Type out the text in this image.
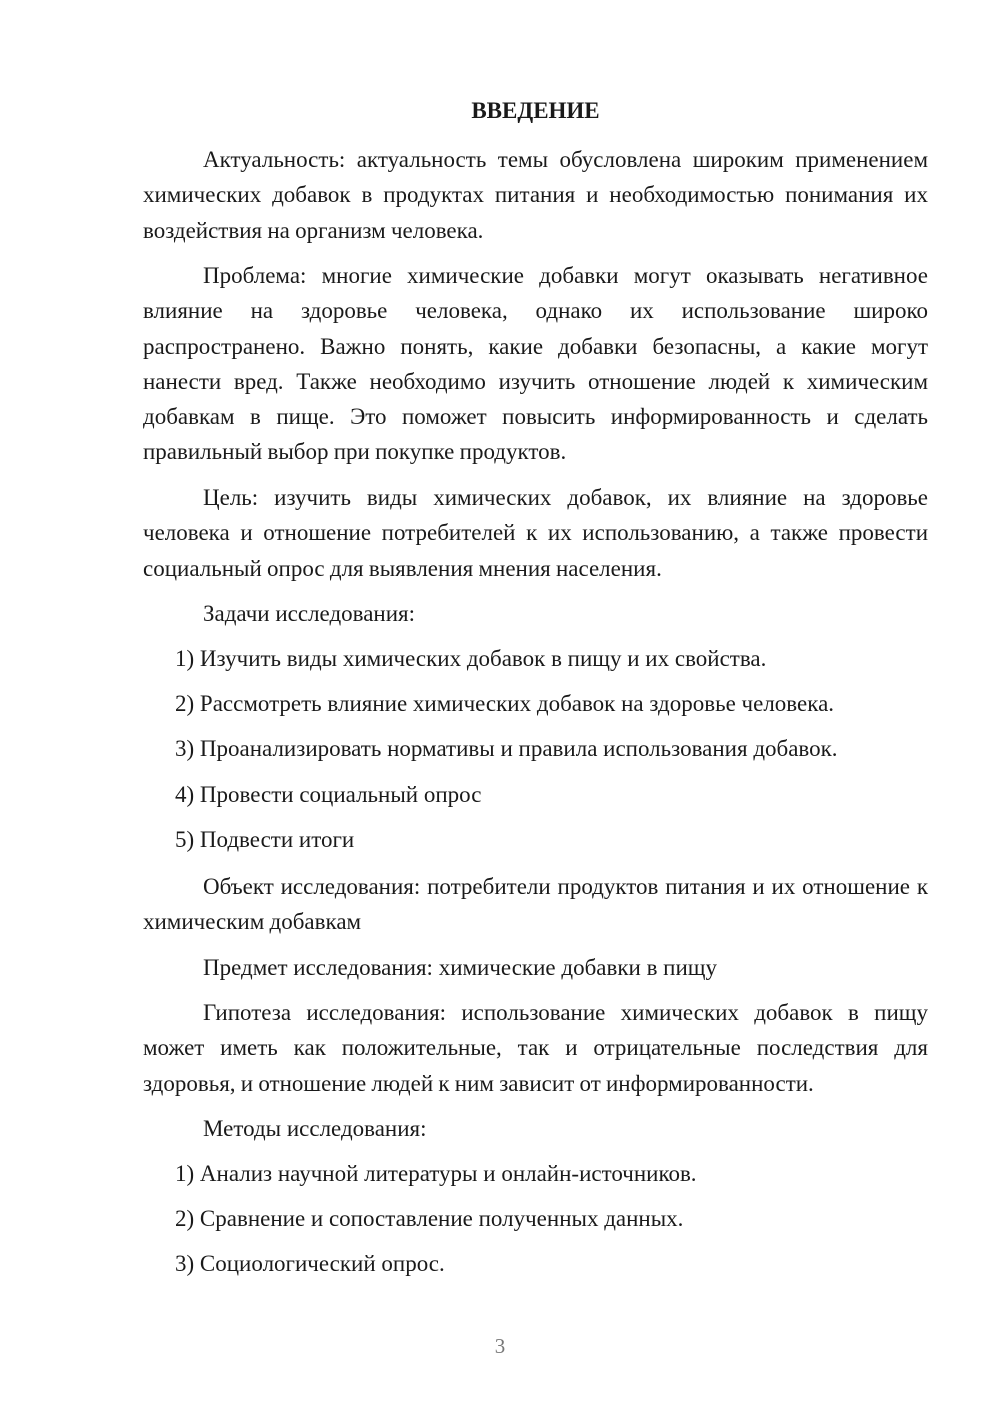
ВВЕДЕНИЕ

Актуальность: актуальность темы обусловлена широким применением химических добавок в продуктах питания и необходимостью понимания их воздействия на организм человека.

Проблема: многие химические добавки могут оказывать негативное влияние на здоровье человека, однако их использование широко распространено. Важно понять, какие добавки безопасны, а какие могут нанести вред. Также необходимо изучить отношение людей к химическим добавкам в пище. Это поможет повысить информированность и сделать правильный выбор при покупке продуктов.

Цель: изучить виды химических добавок, их влияние на здоровье человека и отношение потребителей к их использованию, а также провести социальный опрос для выявления мнения населения.

Задачи исследования:
1) Изучить виды химических добавок в пищу и их свойства.
2) Рассмотреть влияние химических добавок на здоровье человека.
3) Проанализировать нормативы и правила использования добавок.
4) Провести социальный опрос
5) Подвести итоги

Объект исследования: потребители продуктов питания и их отношение к химическим добавкам

Предмет исследования: химические добавки в пищу

Гипотеза исследования: использование химических добавок в пищу может иметь как положительные, так и отрицательные последствия для здоровья, и отношение людей к ним зависит от информированности.

Методы исследования:
1) Анализ научной литературы и онлайн-источников.
2) Сравнение и сопоставление полученных данных.
3) Социологический опрос.
3
